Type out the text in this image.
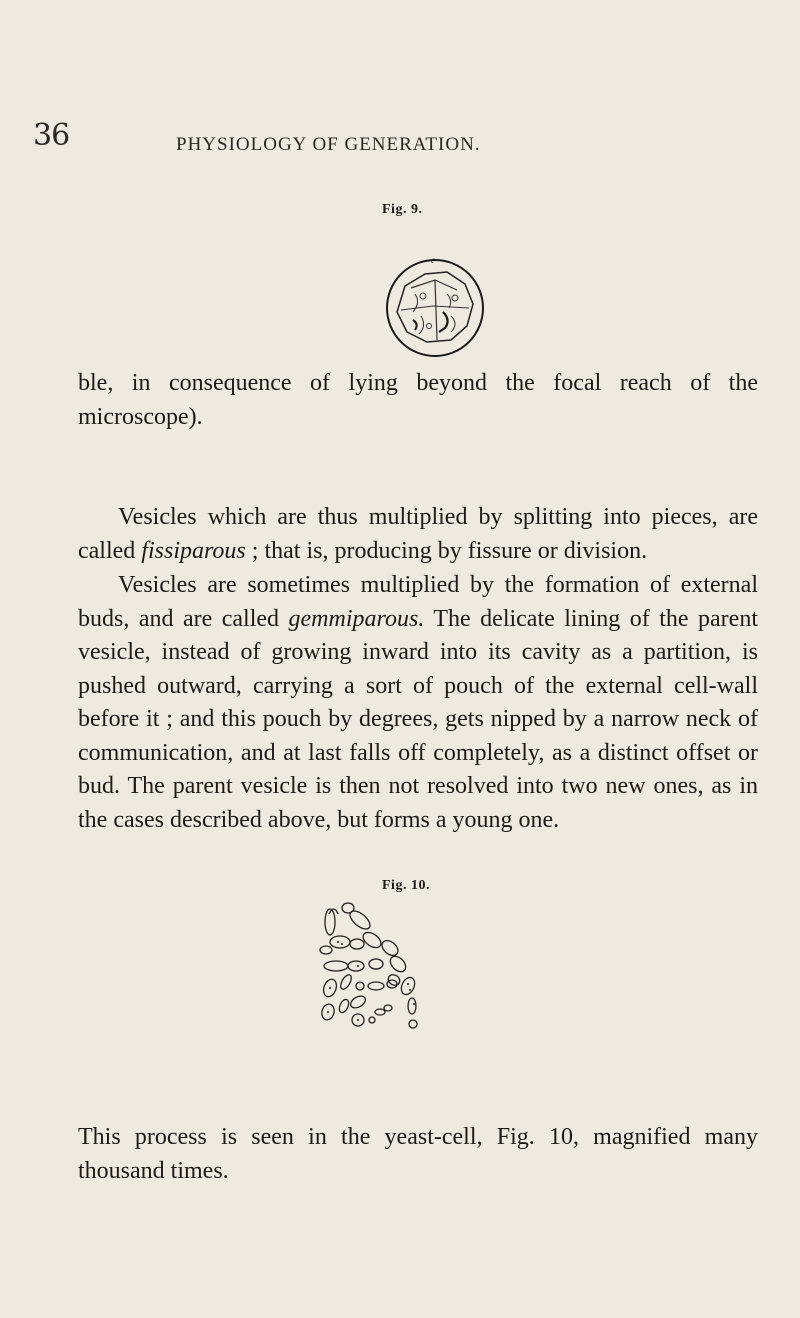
36	PHYSIOLOGY OF GENERATION.
Fig. 9.
c

ble, in consequence of lying beyond the focal reach of the microscope).

Vesicles which are thus multiplied by splitting into pieces, are called fissiparous ; that is, producing by fissure or division.

Vesicles are sometimes multiplied by the formation of external buds, and are called gemmiparous. The delicate lining of the parent vesicle, instead of growing inward into its cavity as a partition, is pushed outward, carrying a sort of pouch of the external cell-wall before it ; and this pouch by degrees, gets nipped by a narrow neck of communication, and at last falls off completely, as a distinct offset or bud. The parent vesicle is then not resolved into two new ones, as in the cases described above, but forms a young one.

Fig. 10.

This process is seen in the yeast-cell, Fig. 10, magnified many thousand times.
